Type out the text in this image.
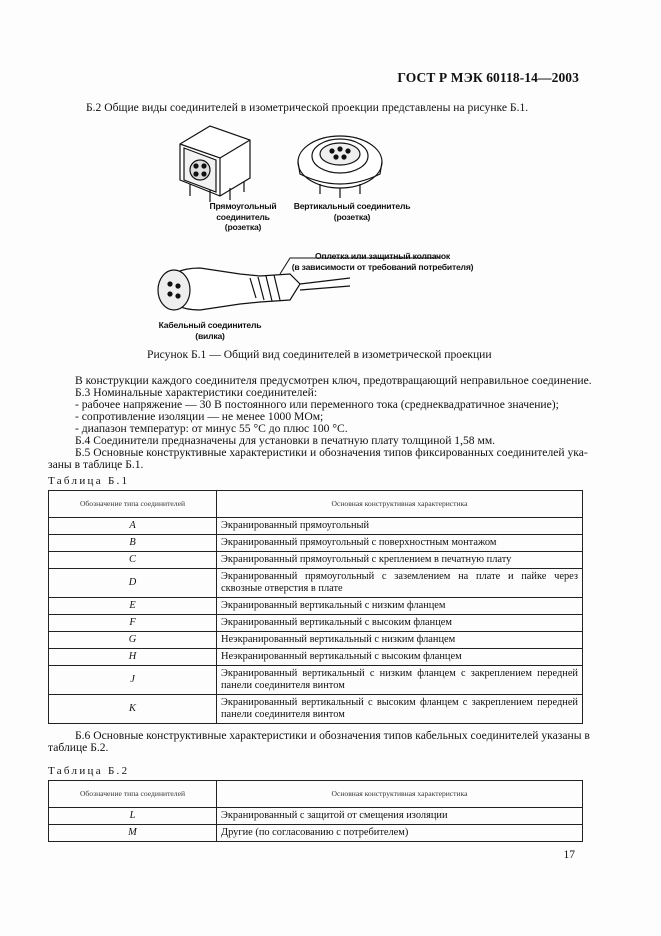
ГОСТ Р МЭК 60118-14—2003
Б.2 Общие виды соединителей в изометрической проекции представлены на рисунке Б.1.
Прямоугольный соединитель
(розетка)
Вертикальный соединитель
(розетка)
Оплетка или защитный колпачок
(в зависимости от требований потребителя)
Кабельный соединитель
(вилка)
Рисунок Б.1 — Общий вид соединителей в изометрической проекции
В конструкции каждого соединителя предусмотрен ключ, предотвращающий неправильное соединение.
Б.3 Номинальные характеристики соединителей:
- рабочее напряжение — 30 В постоянного или переменного тока (среднеквадратичное значение);
- сопротивление изоляции — не менее 1000 МОм;
- диапазон температур: от минус 55 °С до плюс 100 °С.
Б.4 Соединители предназначены для установки в печатную плату толщиной 1,58 мм.
Б.5 Основные конструктивные характеристики и обозначения типов фиксированных соединителей ука-
заны в таблице Б.1.
Таблица Б.1
Обозначение типа соединителей	Основная конструктивная характеристика
A	Экранированный прямоугольный
B	Экранированный прямоугольный с поверхностным монтажом
C	Экранированный прямоугольный с креплением в печатную плату
D	Экранированный прямоугольный с заземлением на плате и пайке через сквозные отверстия в плате
E	Экранированный вертикальный с низким фланцем
F	Экранированный вертикальный с высоким фланцем
G	Неэкранированный вертикальный с низким фланцем
H	Неэкранированный вертикальный с высоким фланцем
J	Экранированный вертикальный с низким фланцем с закреплением передней панели соединителя винтом
K	Экранированный вертикальный с высоким фланцем с закреплением передней панели соединителя винтом
Б.6 Основные конструктивные характеристики и обозначения типов кабельных соединителей указаны в
таблице Б.2.
Таблица Б.2
Обозначение типа соединителей	Основная конструктивная характеристика
L	Экранированный с защитой от смещения изоляции
M	Другие (по согласованию с потребителем)
17
